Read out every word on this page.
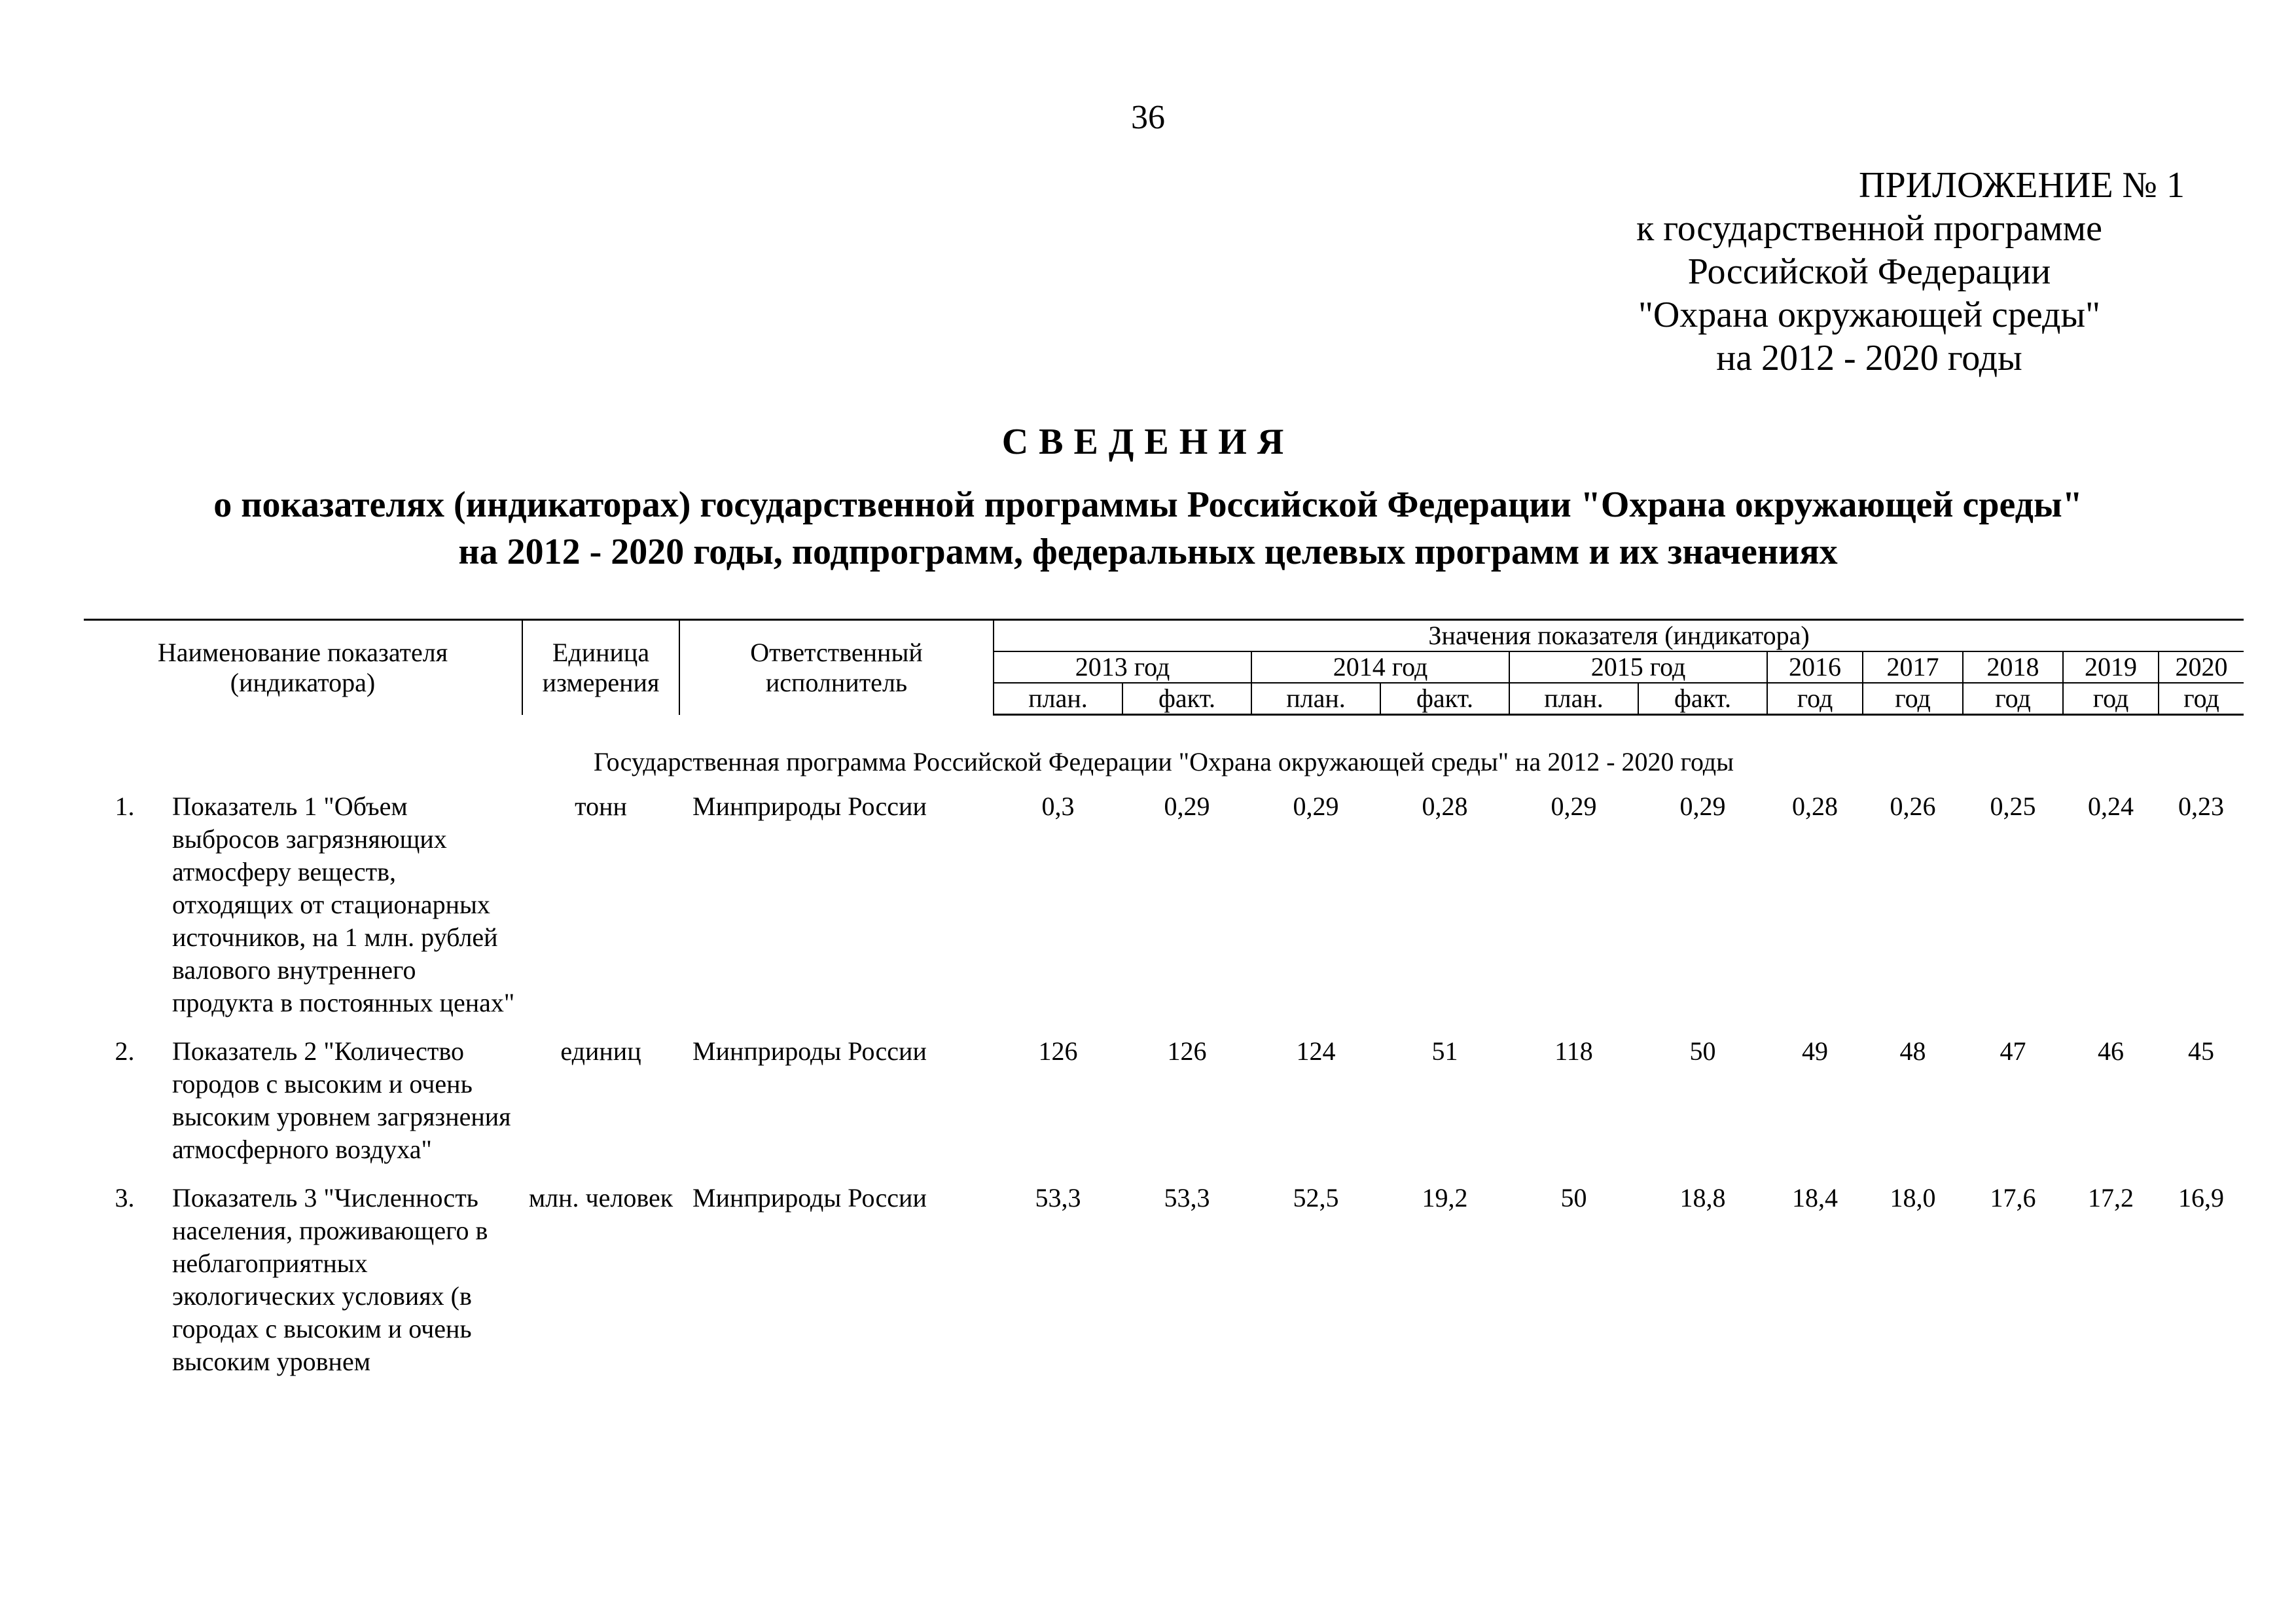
36
ПРИЛОЖЕНИЕ № 1
к государственной программе
Российской Федерации
"Охрана окружающей среды"
на 2012 - 2020 годы
СВЕДЕНИЯ
о показателях (индикаторах) государственной программы Российской Федерации "Охрана окружающей среды"
на 2012 - 2020 годы, подпрограмм, федеральных целевых программ и их значениях
Наименование показателя (индикатора)		Единица измерения	Ответственный исполнитель	Значения показателя (индикатора)										
				2013 год		2014 год		2015 год		2016	2017	2018	2019	2020
				план.	факт.	план.	факт.	план.	факт.	год	год	год	год	год
Государственная программа Российской Федерации "Охрана окружающей среды" на 2012 - 2020 годы														
1.	Показатель 1 "Объем выбросов загрязняющих атмосферу веществ, отходящих от стационарных источников, на 1 млн. рублей валового внутреннего продукта в постоянных ценах"	тонн	Минприроды России	0,3	0,29	0,29	0,28	0,29	0,29	0,28	0,26	0,25	0,24	0,23
2.	Показатель 2 "Количество городов с высоким и очень высоким уровнем загрязнения атмосферного воздуха"	единиц	Минприроды России	126	126	124	51	118	50	49	48	47	46	45
3.	Показатель 3 "Численность населения, проживающего в неблагоприятных экологических условиях (в городах с высоким и очень высоким уровнем	млн. человек	Минприроды России	53,3	53,3	52,5	19,2	50	18,8	18,4	18,0	17,6	17,2	16,9
